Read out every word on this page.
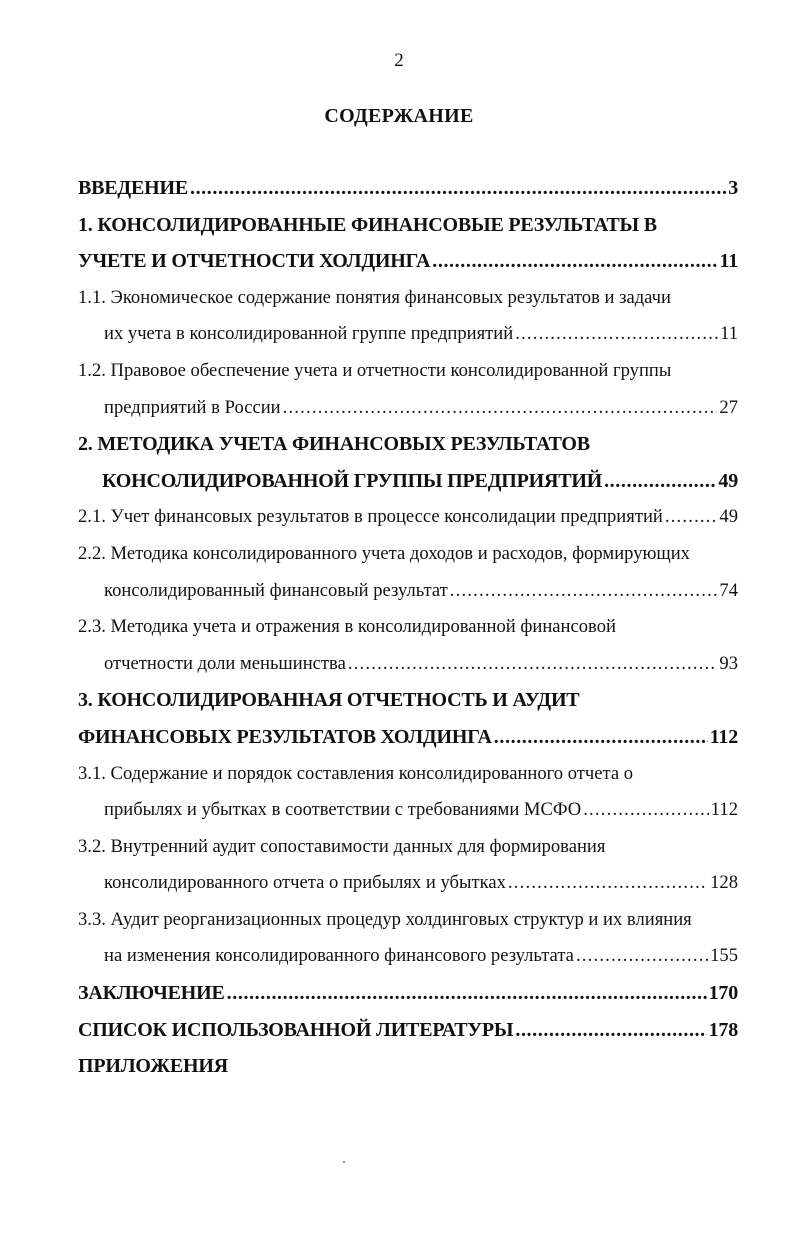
2
СОДЕРЖАНИЕ
ВВЕДЕНИЕ .....	3
1. КОНСОЛИДИРОВАННЫЕ ФИНАНСОВЫЕ РЕЗУЛЬТАТЫ В
УЧЕТЕ И ОТЧЕТНОСТИ ХОЛДИНГА .....	11
1.1. Экономическое содержание понятия финансовых результатов и задачи
их учета в консолидированной группе предприятий .....	11
1.2. Правовое обеспечение учета и отчетности консолидированной группы
предприятий в России .....	27
2. МЕТОДИКА УЧЕТА ФИНАНСОВЫХ РЕЗУЛЬТАТОВ
КОНСОЛИДИРОВАННОЙ ГРУППЫ ПРЕДПРИЯТИЙ .....	49
2.1. Учет финансовых результатов в процессе консолидации предприятий .....	49
2.2. Методика консолидированного учета доходов и расходов, формирующих
консолидированный финансовый результат .....	74
2.3. Методика учета и отражения в консолидированной финансовой
отчетности доли меньшинства .....	93
3. КОНСОЛИДИРОВАННАЯ ОТЧЕТНОСТЬ И АУДИТ
ФИНАНСОВЫХ РЕЗУЛЬТАТОВ ХОЛДИНГА .....	112
3.1. Содержание и порядок составления консолидированного отчета о
прибылях и убытках в соответствии с требованиями МСФО .....	112
3.2. Внутренний аудит сопоставимости данных для формирования
консолидированного отчета о прибылях и убытках .....	128
3.3. Аудит реорганизационных процедур холдинговых структур и их влияния
на изменения консолидированного финансового результата .....	155
ЗАКЛЮЧЕНИЕ .....	170
СПИСОК ИСПОЛЬЗОВАННОЙ ЛИТЕРАТУРЫ .....	178
ПРИЛОЖЕНИЯ
